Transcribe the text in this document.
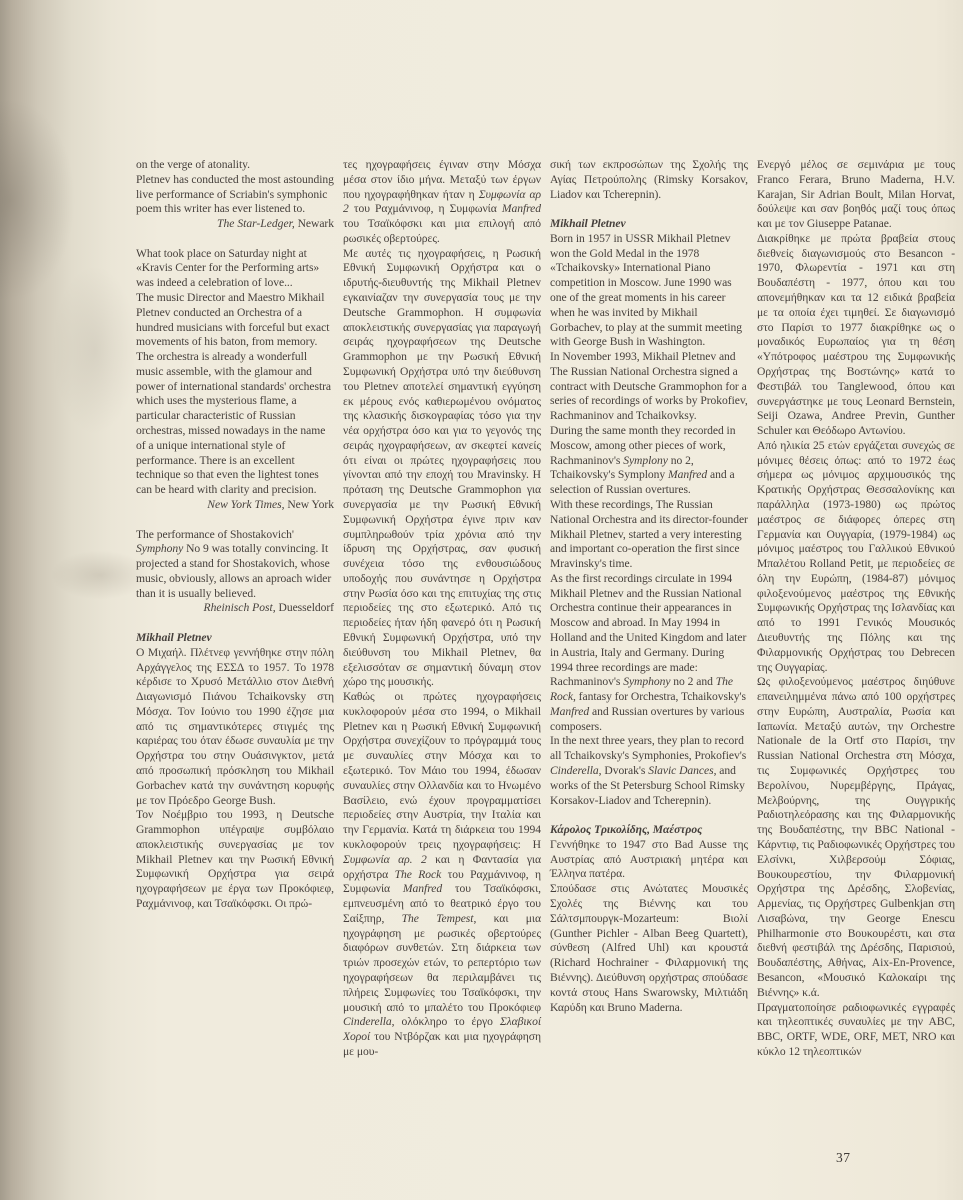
on the verge of atonality.
Pletnev has conducted the most astounding live performance of Scriabin's symphonic poem this writer has ever listened to.
The Star-Ledger, Newark
What took place on Saturday night at «Kravis Center for the Performing arts» was indeed a celebration of love...
The music Director and Maestro Mikhail Pletnev conducted an Orchestra of a hundred musicians with forceful but exact movements of his baton, from memory. The orchestra is already a wonderfull music assemble, with the glamour and power of international standards' orchestra which uses the mysterious flame, a particular characteristic of Russian orchestras, missed nowadays in the name of a unique international style of performance. There is an excellent technique so that even the lightest tones can be heard with clarity and precision.
New York Times, New York
The performance of Shostakovich' Symphony No 9 was totally convincing. It projected a stand for Shostakovich, whose music, obviously, allows an aproach wider than it is usually believed.
Rheinisch Post, Duesseldorf
Mikhail Pletnev
Ο Μιχαήλ. Πλέτνεφ γεννήθηκε στην πόλη Αρχάγγελος της ΕΣΣΔ το 1957. Το 1978 κέρδισε το Χρυσό Μετάλλιο στον Διεθνή Διαγωνισμό Πιάνου Tchaikovsky στη Μόσχα. Τον Ιούνιο του 1990 έζησε μια από τις σημαντικότερες στιγμές της καριέρας του όταν έδωσε συναυλία με την Ορχήστρα του στην Ουάσινγκτον, μετά από προσωπική πρόσκληση του Mikhail Gorbachev κατά την συνάντηση κορυφής με τον Πρόεδρο George Bush.
Τον Νοέμβριο του 1993, η Deutsche Grammophon υπέγραψε συμβόλαιο αποκλειστικής συνεργασίας με τον Mikhail Pletnev και την Ρωσική Εθνική Συμφωνική Ορχήστρα για σειρά ηχογραφήσεων με έργα των Προκόφιεφ, Ραχμάνινοφ, και Τσαϊκόφσκι. Οι πρώ-
τες ηχογραφήσεις έγιναν στην Μόσχα μέσα στον ίδιο μήνα. Μεταξύ των έργων που ηχογραφήθηκαν ήταν η Συμφωνία αρ 2 του Ραχμάνινοφ, η Συμφωνία Manfred του Τσαϊκόφσκι και μια επιλογή από ρωσικές οβερτούρες.
Με αυτές τις ηχογραφήσεις, η Ρωσική Εθνική Συμφωνική Ορχήστρα και ο ιδρυτής-διευθυντής της Mikhail Pletnev εγκαινίαζαν την συνεργασία τους με την Deutsche Grammophon. Η συμφωνία αποκλειστικής συνεργασίας για παραγωγή σειράς ηχογραφήσεων της Deutsche Grammophon με την Ρωσική Εθνική Συμφωνική Ορχήστρα υπό την διεύθυνση του Pletnev αποτελεί σημαντική εγγύηση εκ μέρους ενός καθιερωμένου ονόματος της κλασικής δισκογραφίας τόσο για την νέα ορχήστρα όσο και για το γεγονός της σειράς ηχογραφήσεων, αν σκεφτεί κανείς ότι είναι οι πρώτες ηχογραφήσεις που γίνονται από την εποχή του Mravinsky. Η πρόταση της Deutsche Grammophon για συνεργασία με την Ρωσική Εθνική Συμφωνική Ορχήστρα έγινε πριν καν συμπληρωθούν τρία χρόνια από την ίδρυση της Ορχήστρας, σαν φυσική συνέχεια τόσο της ενθουσιώδους υποδοχής που συνάντησε η Ορχήστρα στην Ρωσία όσο και της επιτυχίας της στις περιοδείες της στο εξωτερικό. Από τις περιοδείες ήταν ήδη φανερό ότι η Ρωσική Εθνική Συμφωνική Ορχήστρα, υπό την διεύθυνση του Mikhail Pletnev, θα εξελισσόταν σε σημαντική δύναμη στον χώρο της μουσικής.
Καθώς οι πρώτες ηχογραφήσεις κυκλοφορούν μέσα στο 1994, ο Mikhail Pletnev και η Ρωσική Εθνική Συμφωνική Ορχήστρα συνεχίζουν το πρόγραμμά τους με συναυλίες στην Μόσχα και το εξωτερικό. Τον Μάιο του 1994, έδωσαν συναυλίες στην Ολλανδία και το Ηνωμένο Βασίλειο, ενώ έχουν προγραμματίσει περιοδείες στην Αυστρία, την Ιταλία και την Γερμανία. Κατά τη διάρκεια του 1994 κυκλοφορούν τρεις ηχογραφήσεις: Η Συμφωνία αρ. 2 και η Φαντασία για ορχήστρα The Rock του Ραχμάνινοφ, η Συμφωνία Manfred του Τσαϊκόφσκι, εμπνευσμένη από το θεατρικό έργο του Σαίξπηρ, The Tempest, και μια ηχογράφηση με ρωσικές οβερτούρες διαφόρων συνθετών. Στη διάρκεια των τριών προσεχών ετών, το ρεπερτόριο των ηχογραφήσεων θα περιλαμβάνει τις πλήρεις Συμφωνίες του Τσαϊκόφσκι, την μουσική από το μπαλέτο του Προκόφιεφ Cinderella, ολόκληρο το έργο Σλαβικοί Χοροί του Ντβόρζακ και μια ηχογράφηση με μου-
σική των εκπροσώπων της Σχολής της Αγίας Πετρούπολης (Rimsky Korsakov, Liadov και Tcherepnin).
Mikhail Pletnev
Born in 1957 in USSR Mikhail Pletnev won the Gold Medal in the 1978 «Tchaikovsky» International Piano competition in Moscow. June 1990 was one of the great moments in his career when he was invited by Mikhail Gorbachev, to play at the summit meeting with George Bush in Washington.
In November 1993, Mikhail Pletnev and The Russian National Orchestra signed a contract with Deutsche Grammophon for a series of recordings of works by Prokofiev, Rachmaninov and Tchaikovksy.
During the same month they recorded in Moscow, among other pieces of work, Rachmaninov's Symplony no 2, Tchaikovsky's Symplony Manfred and a selection of Russian overtures.
With these recordings, The Russian National Orchestra and its director-founder Mikhail Pletnev, started a very interesting and important co-operation the first since Mravinsky's time.
As the first recordings circulate in 1994 Mikhail Pletnev and the Russian National Orchestra continue their appearances in Moscow and abroad. In May 1994 in Holland and the United Kingdom and later in Austria, Italy and Germany. During 1994 three recordings are made: Rachmaninov's Symphony no 2 and The Rock, fantasy for Orchestra, Tchaikovsky's Manfred and Russian overtures by various composers.
In the next three years, they plan to record all Tchaikovsky's Symphonies, Prokofiev's Cinderella, Dvorak's Slavic Dances, and works of the St Petersburg School Rimsky Korsakov-Liadov and Tcherepnin).
Κάρολος Τρικολίδης, Μαέστρος
Γεννήθηκε το 1947 στο Bad Ausse της Αυστρίας από Αυστριακή μητέρα και Έλληνα πατέρα.
Σπούδασε στις Ανώτατες Μουσικές Σχολές της Βιέννης και του Σάλτσμπουργκ-Mozarteum: Βιολί (Gunther Pichler - Alban Beeg Quartett), σύνθεση (Alfred Uhl) και κρουστά (Richard Hochrainer - Φιλαρμονική της Βιέννης). Διεύθυνση ορχήστρας σπούδασε κοντά στους Hans Swarowsky, Μιλτιάδη Καρύδη και Bruno Maderna.
Ενεργό μέλος σε σεμινάρια με τους Franco Ferara, Bruno Maderna, H.V. Karajan, Sir Adrian Boult, Milan Horvat, δούλεψε και σαν βοηθός μαζί τους όπως και με τον Giuseppe Patanae.
Διακρίθηκε με πρώτα βραβεία στους διεθνείς διαγωνισμούς στο Besancon - 1970, Φλωρεντία - 1971 και στη Βουδαπέστη - 1977, όπου και του απονεμήθηκαν και τα 12 ειδικά βραβεία με τα οποία έχει τιμηθεί. Σε διαγωνισμό στο Παρίσι το 1977 διακρίθηκε ως ο μοναδικός Ευρωπαίος για τη θέση «Υπότροφος μαέστρου της Συμφωνικής Ορχήστρας της Βοστώνης» κατά το Φεστιβάλ του Tanglewood, όπου και συνεργάστηκε με τους Leonard Bernstein, Seiji Ozawa, Andree Previn, Gunther Schuler και Θεόδωρο Αντωνίου.
Από ηλικία 25 ετών εργάζεται συνεχώς σε μόνιμες θέσεις όπως: από το 1972 έως σήμερα ως μόνιμος αρχιμουσικός της Κρατικής Ορχήστρας Θεσσαλονίκης και παράλληλα (1973-1980) ως πρώτος μαέστρος σε διάφορες όπερες στη Γερμανία και Ουγγαρία, (1979-1984) ως μόνιμος μαέστρος του Γαλλικού Εθνικού Μπαλέτου Rolland Petit, με περιοδείες σε όλη την Ευρώπη, (1984-87) μόνιμος φιλοξενούμενος μαέστρος της Εθνικής Συμφωνικής Ορχήστρας της Ισλανδίας και από το 1991 Γενικός Μουσικός Διευθυντής της Πόλης και της Φιλαρμονικής Ορχήστρας του Debrecen της Ουγγαρίας.
Ως φιλοξενούμενος μαέστρος διηύθυνε επανειλημμένα πάνω από 100 ορχήστρες στην Ευρώπη, Αυστραλία, Ρωσία και Ιαπωνία. Μεταξύ αυτών, την Orchestre Nationale de la Ortf στο Παρίσι, την Russian National Orchestra στη Μόσχα, τις Συμφωνικές Ορχήστρες του Βερολίνου, Νυρεμβέργης, Πράγας, Μελβούρνης, της Ουγγρικής Ραδιοτηλεόρασης και της Φιλαρμονικής της Βουδαπέστης, την BBC National - Κάρντιφ, τις Ραδιοφωνικές Ορχήστρες του Ελσίνκι, Χιλβερσούμ Σόφιας, Βουκουρεστίου, την Φιλαρμονική Ορχήστρα της Δρέσδης, Σλοβενίας, Αρμενίας, τις Ορχήστρες Gulbenkjan στη Λισαβώνα, την George Enescu Philharmonie στο Βουκουρέστι, και στα διεθνή φεστιβάλ της Δρέσδης, Παρισιού, Βουδαπέστης, Αθήνας, Aix-En-Provence, Besancon, «Μουσικό Καλοκαίρι της Βιέννης» κ.ά.
Πραγματοποίησε ραδιοφωνικές εγγραφές και τηλεοπτικές συναυλίες με την ABC, BBC, ORTF, WDE, ORF, MET, NRO και κύκλο 12 τηλεοπτικών
37
